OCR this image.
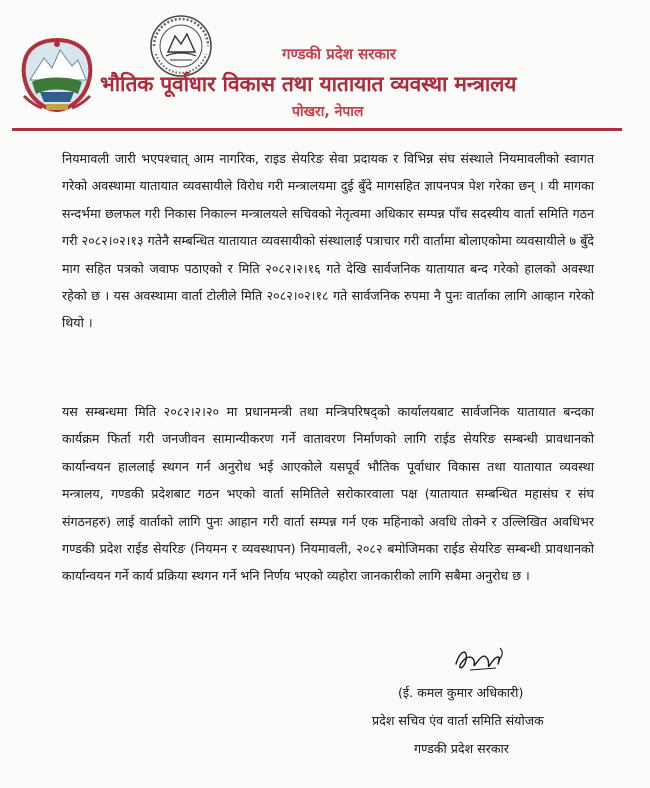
गण्डकी प्रदेश सरकार
भौतिक पूर्वाधार विकास तथा यातायात व्यवस्था मन्त्रालय
पोखरा, नेपाल
नियमावली जारी भएपश्चात् आम नागरिक, राइड सेयरिङ सेवा प्रदायक र विभिन्न संघ संस्थाले नियमावलीको स्वागत गरेको अवस्थामा यातायात व्यवसायीले विरोध गरी मन्त्रालयमा दुई बुँदे मागसहित ज्ञापनपत्र पेश गरेका छन् । यी मागका सन्दर्भमा छलफल गरी निकास निकाल्न मन्त्रालयले सचिवको नेतृत्वमा अधिकार सम्पन्न पाँच सदस्यीय वार्ता समिति गठन गरी २०८२।०२।१३ गतेनै सम्बन्धित यातायात व्यवसायीको संस्थालाई पत्राचार गरी वार्तामा बोलाएकोमा व्यवसायीले ७ बुँदे माग सहित पत्रको जवाफ पठाएको र मिति २०८२।२।१६ गते देखि सार्वजनिक यातायात बन्द गरेको हालको अवस्था रहेको छ । यस अवस्थामा वार्ता टोलीले मिति २०८२।०२।१८ गते सार्वजनिक रुपमा नै पुनः वार्ताका लागि आव्हान गरेको थियो ।
यस सम्बन्धमा मिति २०८२।२।२० मा प्रधानमन्त्री तथा मन्त्रिपरिषद्को कार्यालयबाट सार्वजनिक यातायात बन्दका कार्यक्रम फिर्ता गरी जनजीवन सामान्यीकरण गर्ने वातावरण निर्माणको लागि राईड सेयरिङ सम्बन्धी प्रावधानको कार्यान्वयन हाललाई स्थगन गर्न अनुरोध भई आएकोले यसपूर्व भौतिक पूर्वाधार विकास तथा यातायात व्यवस्था मन्त्रालय, गण्डकी प्रदेशबाट गठन भएको वार्ता समितिले सरोकारवाला पक्ष (यातायात सम्बन्धित महासंघ र संघ संगठनहरु) लाई वार्ताको लागि पुनः आहान गरी वार्ता सम्पन्न गर्न एक महिनाको अवधि तोक्ने र उल्लिखित अवधिभर गण्डकी प्रदेश राईड सेयरिङ (नियमन र व्यवस्थापन) नियमावली, २०८२ बमोजिमका राईड सेयरिङ सम्बन्धी प्रावधानको कार्यान्वयन गर्ने कार्य प्रक्रिया स्थगन गर्ने भनि निर्णय भएको व्यहोरा जानकारीको लागि सबैमा अनुरोध छ ।
(ई. कमल कुमार अधिकारी)
प्रदेश सचिव एंव वार्ता समिति संयोजक
गण्डकी प्रदेश सरकार
